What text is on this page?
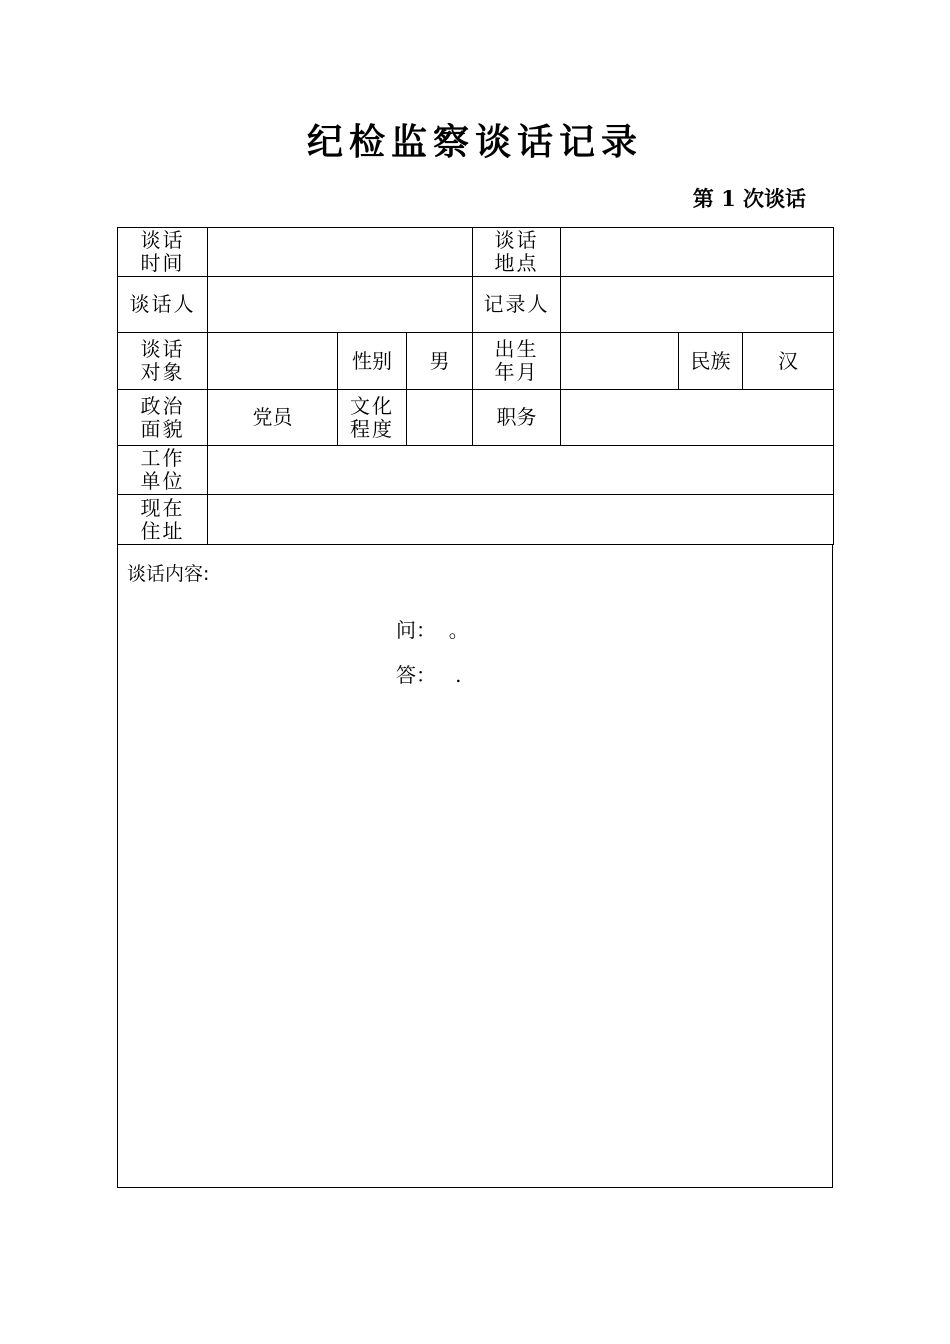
纪检监察谈话记录
第 1 次谈话
谈话时间				谈话地点			
谈话人				记录人			
谈话对象		性别	男	出生年月		民族	汉
政治面貌	党员	文化程度		职务			
工作单位							
现在住址							
谈话内容:
问：  。
答：   .
